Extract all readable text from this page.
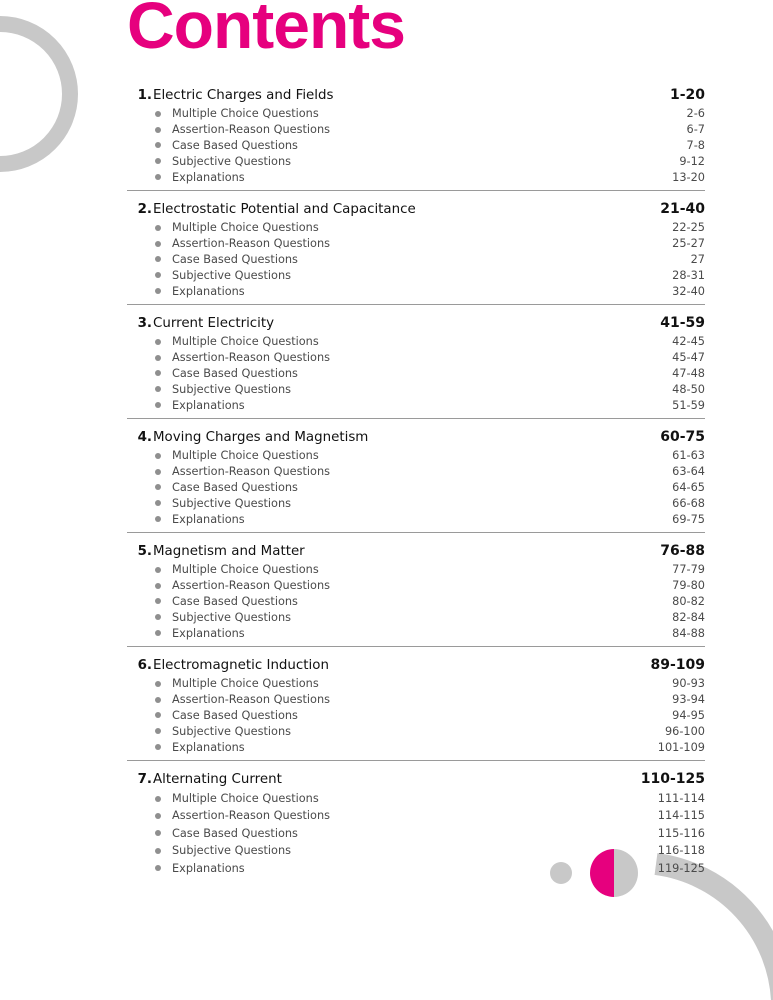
Contents
1. Electric Charges and Fields	1-20
Multiple Choice Questions	2-6
Assertion-Reason Questions	6-7
Case Based Questions	7-8
Subjective Questions	9-12
Explanations	13-20
2. Electrostatic Potential and Capacitance	21-40
Multiple Choice Questions	22-25
Assertion-Reason Questions	25-27
Case Based Questions	27
Subjective Questions	28-31
Explanations	32-40
3. Current Electricity	41-59
Multiple Choice Questions	42-45
Assertion-Reason Questions	45-47
Case Based Questions	47-48
Subjective Questions	48-50
Explanations	51-59
4. Moving Charges and Magnetism	60-75
Multiple Choice Questions	61-63
Assertion-Reason Questions	63-64
Case Based Questions	64-65
Subjective Questions	66-68
Explanations	69-75
5. Magnetism and Matter	76-88
Multiple Choice Questions	77-79
Assertion-Reason Questions	79-80
Case Based Questions	80-82
Subjective Questions	82-84
Explanations	84-88
6. Electromagnetic Induction	89-109
Multiple Choice Questions	90-93
Assertion-Reason Questions	93-94
Case Based Questions	94-95
Subjective Questions	96-100
Explanations	101-109
7. Alternating Current	110-125
Multiple Choice Questions	111-114
Assertion-Reason Questions	114-115
Case Based Questions	115-116
Subjective Questions	116-118
Explanations	119-125
